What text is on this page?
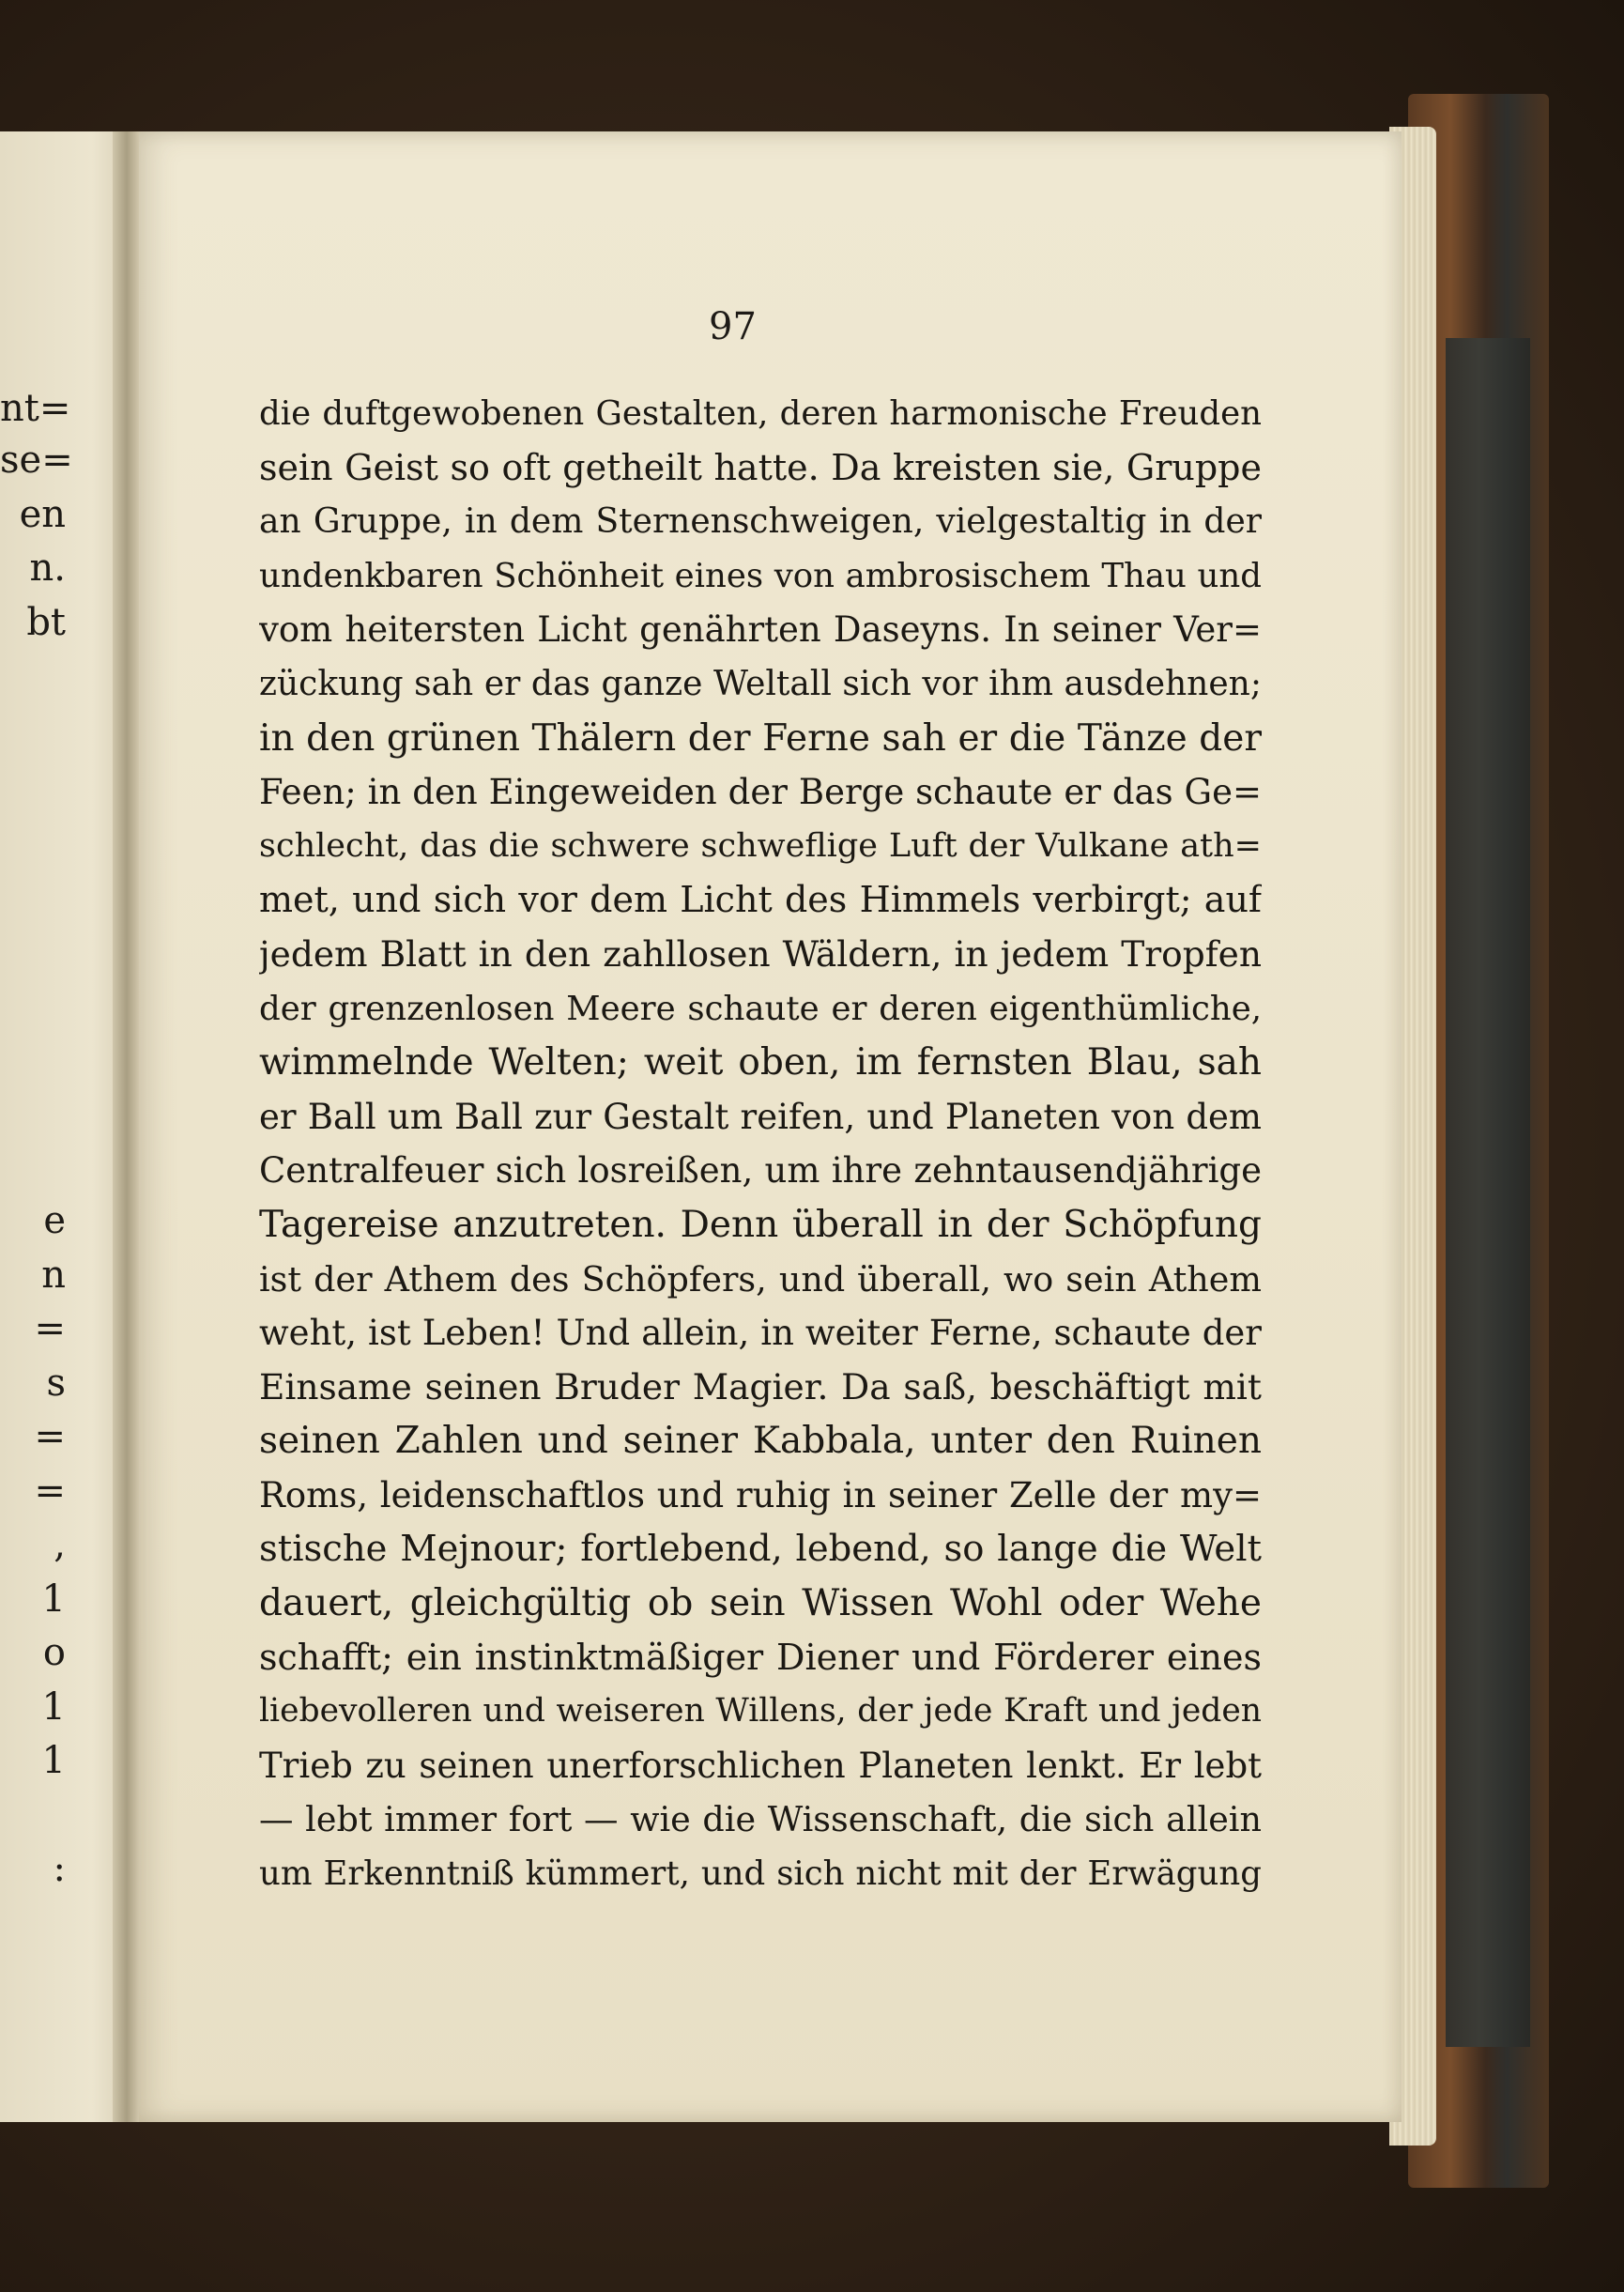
nt=
se=
en
n.
bt
e
n
=
s
=
=
,
1
o
1
1
:
97
die duftgewobenen Gestalten, deren harmonische Freuden
sein Geist so oft getheilt hatte. Da kreisten sie, Gruppe
an Gruppe, in dem Sternenschweigen, vielgestaltig in der
undenkbaren Schönheit eines von ambrosischem Thau und
vom heitersten Licht genährten Daseyns. In seiner Ver=
zückung sah er das ganze Weltall sich vor ihm ausdehnen;
in den grünen Thälern der Ferne sah er die Tänze der
Feen; in den Eingeweiden der Berge schaute er das Ge=
schlecht, das die schwere schweflige Luft der Vulkane ath=
met, und sich vor dem Licht des Himmels verbirgt; auf
jedem Blatt in den zahllosen Wäldern, in jedem Tropfen
der grenzenlosen Meere schaute er deren eigenthümliche,
wimmelnde Welten; weit oben, im fernsten Blau, sah
er Ball um Ball zur Gestalt reifen, und Planeten von dem
Centralfeuer sich losreißen, um ihre zehntausendjährige
Tagereise anzutreten. Denn überall in der Schöpfung
ist der Athem des Schöpfers, und überall, wo sein Athem
weht, ist Leben! Und allein, in weiter Ferne, schaute der
Einsame seinen Bruder Magier. Da saß, beschäftigt mit
seinen Zahlen und seiner Kabbala, unter den Ruinen
Roms, leidenschaftlos und ruhig in seiner Zelle der my=
stische Mejnour; fortlebend, lebend, so lange die Welt
dauert, gleichgültig ob sein Wissen Wohl oder Wehe
schafft; ein instinktmäßiger Diener und Förderer eines
liebevolleren und weiseren Willens, der jede Kraft und jeden
Trieb zu seinen unerforschlichen Planeten lenkt. Er lebt
— lebt immer fort — wie die Wissenschaft, die sich allein
um Erkenntniß kümmert, und sich nicht mit der Erwägung
